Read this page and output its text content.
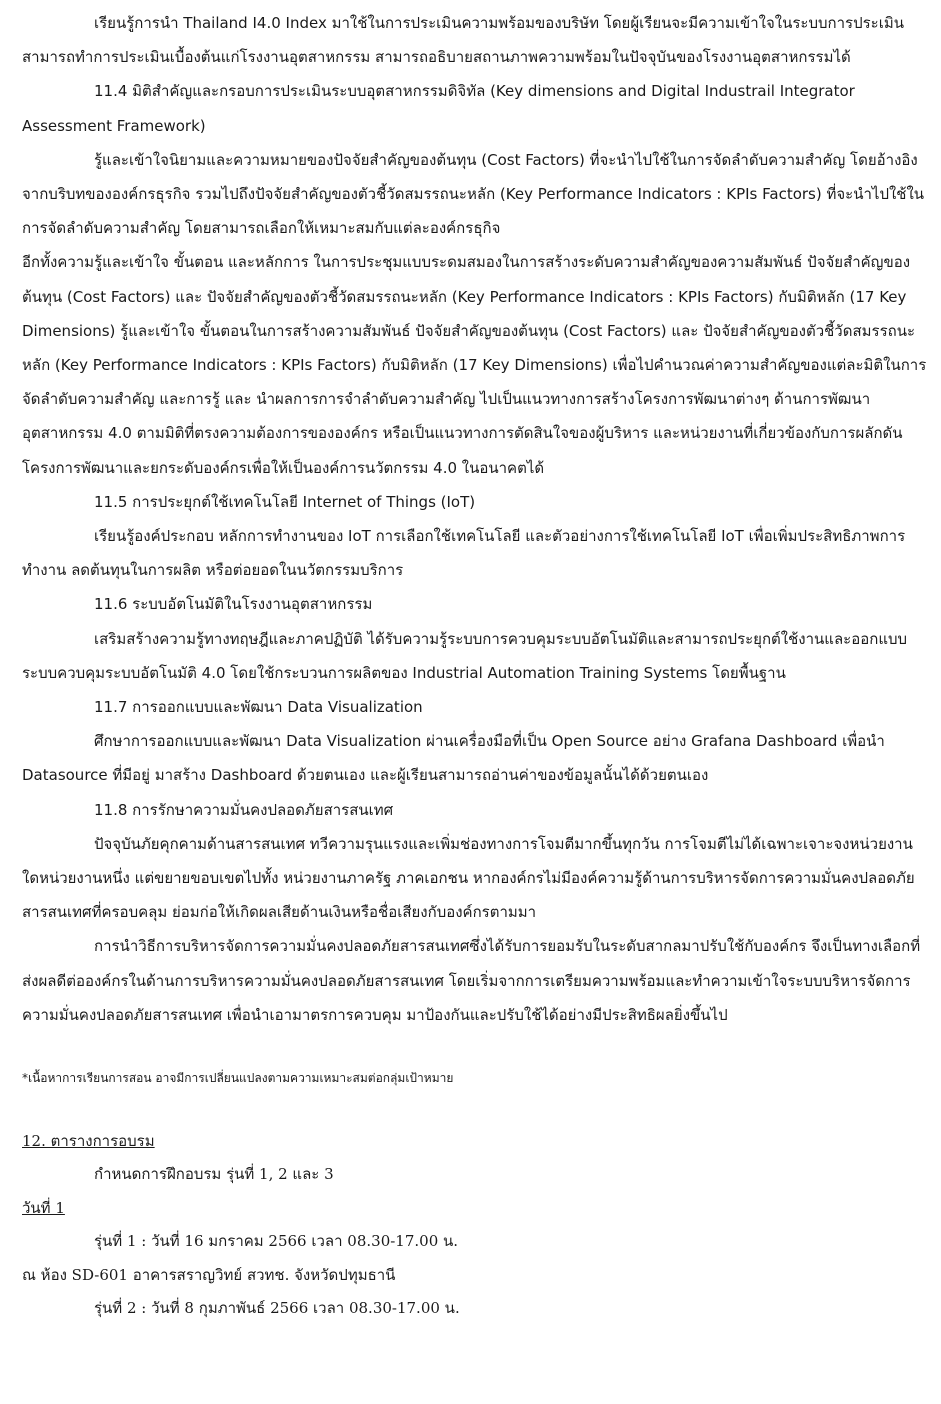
เรียนรู้การนำ Thailand I4.0 Index มาใช้ในการประเมินความพร้อมของบริษัท โดยผู้เรียนจะมีความเข้าใจในระบบการประเมิน สามารถทำการประเมินเบื้องต้นแก่โรงงานอุตสาหกรรม สามารถอธิบายสถานภาพความพร้อมในปัจจุบันของโรงงานอุตสาหกรรมได้

11.4 มิติสำคัญและกรอบการประเมินระบบอุตสาหกรรมดิจิทัล (Key dimensions and Digital Industrail Integrator Assessment Framework)

รู้และเข้าใจนิยามและความหมายของปัจจัยสำคัญของต้นทุน (Cost Factors) ที่จะนำไปใช้ในการจัดลำดับความสำคัญ โดยอ้างอิงจากบริบทขององค์กรธุรกิจ รวมไปถึงปัจจัยสำคัญของตัวชี้วัดสมรรถนะหลัก (Key Performance Indicators : KPIs Factors) ที่จะนำไปใช้ในการจัดลำดับความสำคัญ โดยสามารถเลือกให้เหมาะสมกับแต่ละองค์กรธุกิจ

อีกทั้งความรู้และเข้าใจ ขั้นตอน และหลักการ ในการประชุมแบบระดมสมองในการสร้างระดับความสำคัญของความสัมพันธ์ ปัจจัยสำคัญของต้นทุน (Cost Factors) และ ปัจจัยสำคัญของตัวชี้วัดสมรรถนะหลัก (Key Performance Indicators : KPIs Factors) กับมิติหลัก (17 Key Dimensions) รู้และเข้าใจ ขั้นตอนในการสร้างความสัมพันธ์ ปัจจัยสำคัญของต้นทุน (Cost Factors) และ ปัจจัยสำคัญของตัวชี้วัดสมรรถนะหลัก (Key Performance Indicators : KPIs Factors) กับมิติหลัก (17 Key Dimensions) เพื่อไปคำนวณค่าความสำคัญของแต่ละมิติในการจัดลำดับความสำคัญ และการรู้ และ นำผลการการจำลำดับความสำคัญ ไปเป็นแนวทางการสร้างโครงการพัฒนาต่างๆ ด้านการพัฒนาอุตสาหกรรม 4.0 ตามมิติที่ตรงความต้องการขององค์กร หรือเป็นแนวทางการตัดสินใจของผู้บริหาร และหน่วยงานที่เกี่ยวข้องกับการผลักดันโครงการพัฒนาและยกระดับองค์กรเพื่อให้เป็นองค์การนวัตกรรม 4.0 ในอนาคตได้

11.5 การประยุกต์ใช้เทคโนโลยี Internet of Things (IoT)

เรียนรู้องค์ประกอบ หลักการทำงานของ IoT การเลือกใช้เทคโนโลยี และตัวอย่างการใช้เทคโนโลยี IoT เพื่อเพิ่มประสิทธิภาพการทำงาน ลดต้นทุนในการผลิต หรือต่อยอดในนวัตกรรมบริการ

11.6 ระบบอัตโนมัติในโรงงานอุตสาหกรรม

เสริมสร้างความรู้ทางทฤษฎีและภาคปฏิบัติ ได้รับความรู้ระบบการควบคุมระบบอัตโนมัติและสามารถประยุกต์ใช้งานและออกแบบระบบควบคุมระบบอัตโนมัติ 4.0 โดยใช้กระบวนการผลิตของ Industrial Automation Training Systems โดยพื้นฐาน

11.7 การออกแบบและพัฒนา Data Visualization

ศึกษาการออกแบบและพัฒนา Data Visualization ผ่านเครื่องมือที่เป็น Open Source อย่าง Grafana Dashboard เพื่อนำ Datasource ที่มีอยู่ มาสร้าง Dashboard ด้วยตนเอง และผู้เรียนสามารถอ่านค่าของข้อมูลนั้นได้ด้วยตนเอง

11.8 การรักษาความมั่นคงปลอดภัยสารสนเทศ

ปัจจุบันภัยคุกคามด้านสารสนเทศ ทวีความรุนแรงและเพิ่มช่องทางการโจมตีมากขึ้นทุกวัน การโจมตีไม่ได้เฉพาะเจาะจงหน่วยงานใดหน่วยงานหนึ่ง แต่ขยายขอบเขตไปทั้ง หน่วยงานภาครัฐ ภาคเอกชน หากองค์กรไม่มีองค์ความรู้ด้านการบริหารจัดการความมั่นคงปลอดภัยสารสนเทศที่ครอบคลุม ย่อมก่อให้เกิดผลเสียด้านเงินหรือชื่อเสียงกับองค์กรตามมา

การนำวิธีการบริหารจัดการความมั่นคงปลอดภัยสารสนเทศซึ่งได้รับการยอมรับในระดับสากลมาปรับใช้กับองค์กร จึงเป็นทางเลือกที่ส่งผลดีต่อองค์กรในด้านการบริหารความมั่นคงปลอดภัยสารสนเทศ โดยเริ่มจากการเตรียมความพร้อมและทำความเข้าใจระบบบริหารจัดการความมั่นคงปลอดภัยสารสนเทศ เพื่อนำเอามาตรการควบคุม มาป้องกันและปรับใช้ได้อย่างมีประสิทธิผลยิ่งขึ้นไป

*เนื้อหาการเรียนการสอน อาจมีการเปลี่ยนแปลงตามความเหมาะสมต่อกลุ่มเป้าหมาย

12. ตารางการอบรม

กำหนดการฝึกอบรม รุ่นที่ 1, 2 และ 3

วันที่ 1

รุ่นที่ 1 : วันที่ 16 มกราคม 2566 เวลา 08.30-17.00 น.

ณ ห้อง SD-601 อาคารสราญวิทย์ สวทช. จังหวัดปทุมธานี

รุ่นที่ 2 : วันที่ 8 กุมภาพันธ์ 2566 เวลา 08.30-17.00 น.
